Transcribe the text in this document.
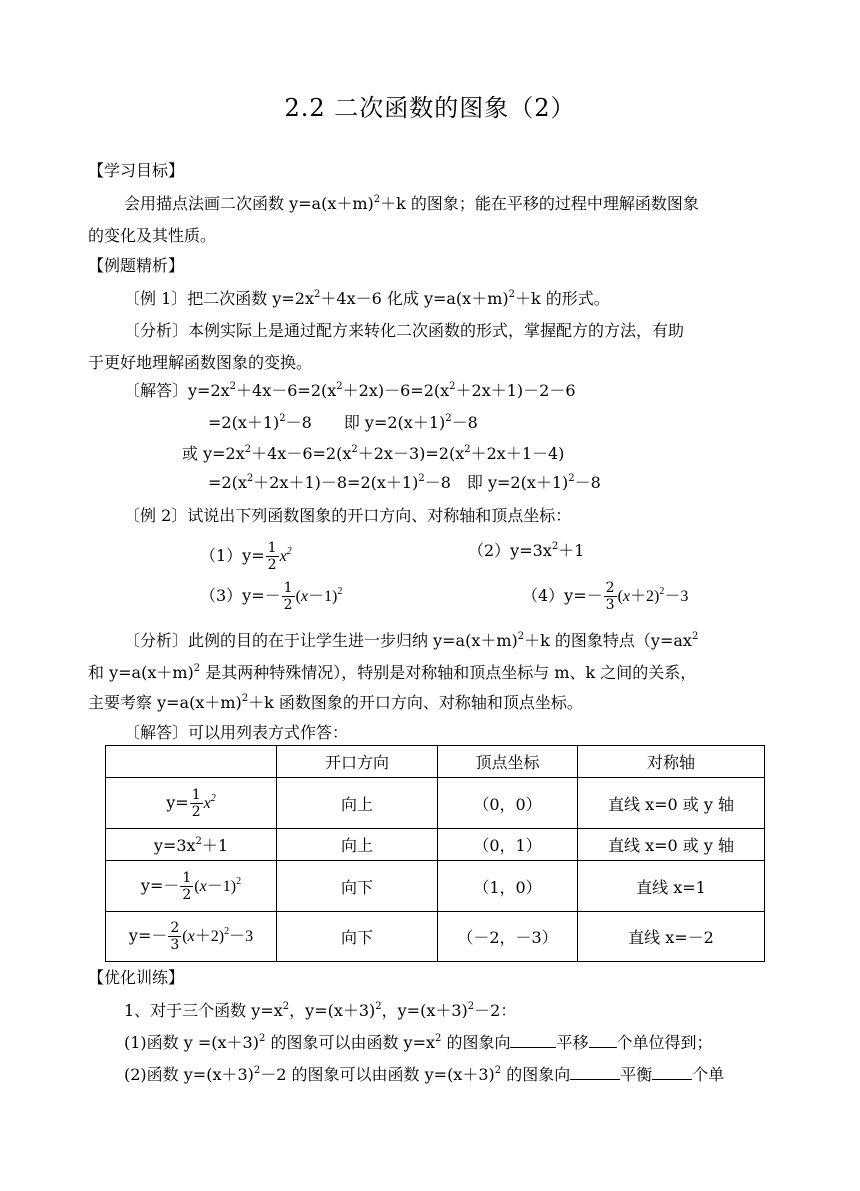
2.2 二次函数的图象（2）
【学习目标】
会用描点法画二次函数 $y=a(x+m)^2+k$ 的图象；能在平移的过程中理解函数图象
的变化及其性质。
【例题精析】
〔例 1〕把二次函数 $y=2x^2+4x-6$ 化成 $y=a(x+m)^2+k$ 的形式。
〔分析〕本例实际上是通过配方来转化二次函数的形式，掌握配方的方法，有助
于更好地理解函数图象的变换。
〔解答〕$y=2x^2+4x-6=2(x^2+2x)-6=2(x^2+2x+1)-2-6$
$=2(x+1)^2-8$　　即 $y=2(x+1)^2-8$
或 $y=2x^2+4x-6=2(x^2+2x-3)=2(x^2+2x+1-4)$
$=2(x^2+2x+1)-8=2(x+1)^2-8$　即 $y=2(x+1)^2-8$
〔例 2〕试说出下列函数图象的开口方向、对称轴和顶点坐标：
$(1)y= \frac{1}{2} x^2$	$(2)y=3x^2+1$
$(3)y=- \frac{1}{2} (x-1)^2$	$(4)y=- \frac{2}{3} (x+2)^2-3$
〔分析〕此例的目的在于让学生进一步归纳 $y=a(x+m)^2+k$ 的图象特点（$y=ax^2$
和 $y=a(x+m)^2$ 是其两种特殊情况），特别是对称轴和顶点坐标与 m、k 之间的关系，
主要考察 $y=a(x+m)^2+k$ 函数图象的开口方向、对称轴和顶点坐标。
〔解答〕可以用列表方式作答：
	开口方向	顶点坐标	对称轴
$y= \frac{1}{2} x^2$	向上	（0，0）	直线 x=0 或 y 轴
$y=3x^2+1$	向上	（0，1）	直线 x=0 或 y 轴
$y=- \frac{1}{2} (x-1)^2$	向下	（1，0）	直线 x=1
$y=- \frac{2}{3} (x+2)^2-3$	向下	（－2，－3）	直线 x=－2
【优化训练】
1、对于三个函数 $y=x^2$，$y=(x+3)^2$，$y=(x+3)^2-2$：
(1)函数 $y =(x+3)^2$ 的图象可以由函数 $y=x^2$ 的图象向	平移 个单位得到；
(2)函数 $y=(x+3)^2-2$ 的图象可以由函数 $y=(x+3)^2$ 的图象向	平衡	个单
